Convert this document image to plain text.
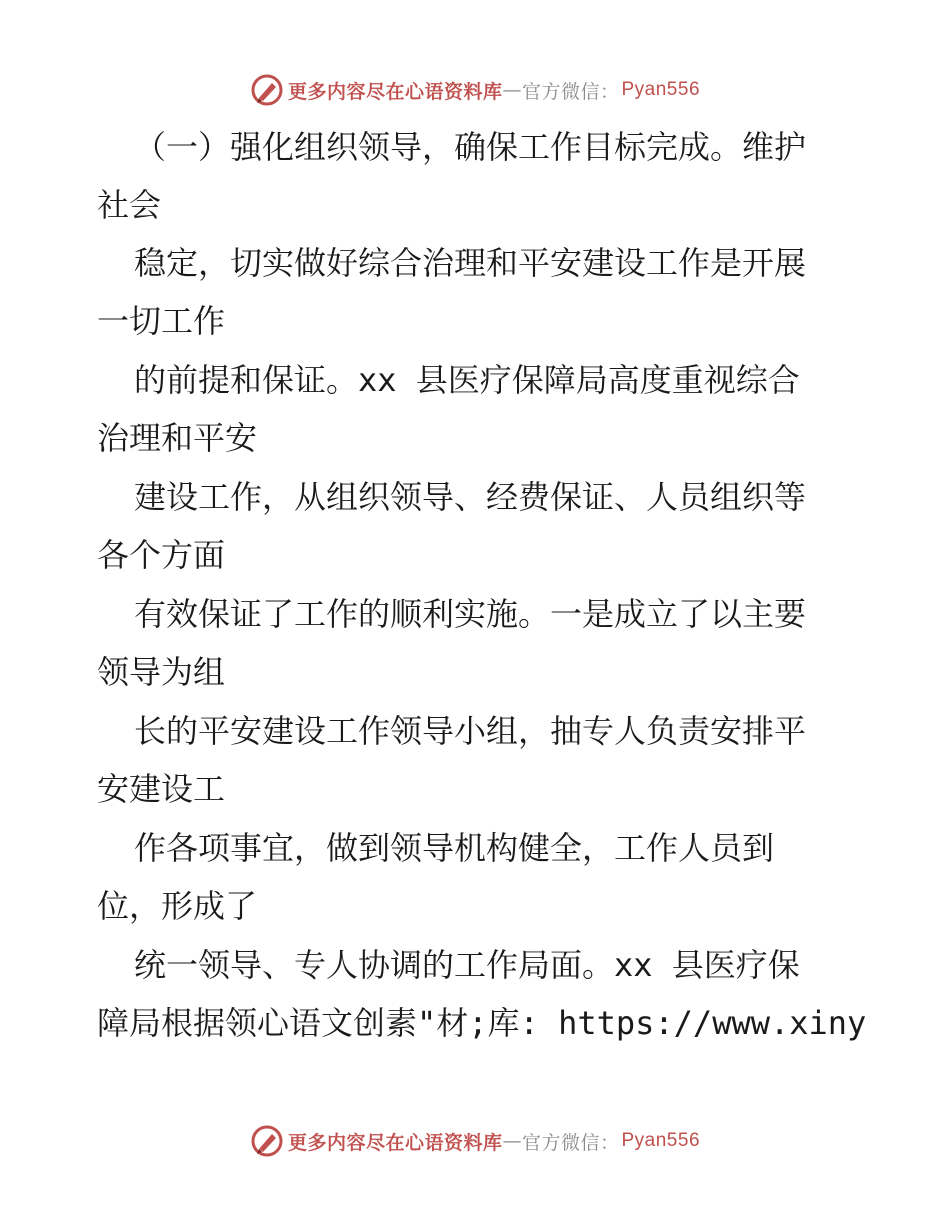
更多内容尽在心语资料库 — 官方微信： Pyan556
（一）强化组织领导，确保工作目标完成。维护
社会
稳定，切实做好综合治理和平安建设工作是开展
一切工作
的前提和保证。xx 县医疗保障局高度重视综合
治理和平安
建设工作，从组织领导、经费保证、人员组织等
各个方面
有效保证了工作的顺利实施。一是成立了以主要
领导为组
长的平安建设工作领导小组，抽专人负责安排平
安建设工
作各项事宜，做到领导机构健全，工作人员到
位，形成了
统一领导、专人协调的工作局面。xx 县医疗保
障局根据领心语文创素"材;库: https://www.xiny
更多内容尽在心语资料库 — 官方微信： Pyan556
